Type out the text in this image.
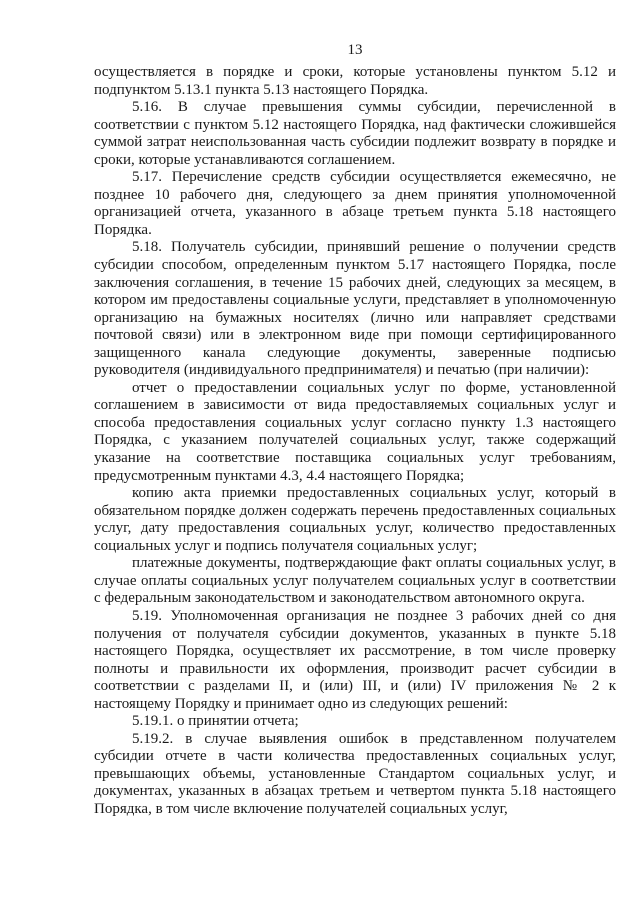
13

осуществляется в порядке и сроки, которые установлены пунктом 5.12 и подпунктом 5.13.1 пункта 5.13 настоящего Порядка.

5.16. В случае превышения суммы субсидии, перечисленной в соответствии с пунктом 5.12 настоящего Порядка, над фактически сложившейся суммой затрат неиспользованная часть субсидии подлежит возврату в порядке и сроки, которые устанавливаются соглашением.

5.17. Перечисление средств субсидии осуществляется ежемесячно, не позднее 10 рабочего дня, следующего за днем принятия уполномоченной организацией отчета, указанного в абзаце третьем пункта 5.18 настоящего Порядка.

5.18. Получатель субсидии, принявший решение о получении средств субсидии способом, определенным пунктом 5.17 настоящего Порядка, после заключения соглашения, в течение 15 рабочих дней, следующих за месяцем, в котором им предоставлены социальные услуги, представляет в уполномоченную организацию на бумажных носителях (лично или направляет средствами почтовой связи) или в электронном виде при помощи сертифицированного защищенного канала следующие документы, заверенные подписью руководителя (индивидуального предпринимателя) и печатью (при наличии):

отчет о предоставлении социальных услуг по форме, установленной соглашением в зависимости от вида предоставляемых социальных услуг и способа предоставления социальных услуг согласно пункту 1.3 настоящего Порядка, с указанием получателей социальных услуг, также содержащий указание на соответствие поставщика социальных услуг требованиям, предусмотренным пунктами 4.3, 4.4 настоящего Порядка;

копию акта приемки предоставленных социальных услуг, который в обязательном порядке должен содержать перечень предоставленных социальных услуг, дату предоставления социальных услуг, количество предоставленных социальных услуг и подпись получателя социальных услуг;

платежные документы, подтверждающие факт оплаты социальных услуг, в случае оплаты социальных услуг получателем социальных услуг в соответствии с федеральным законодательством и законодательством автономного округа.

5.19. Уполномоченная организация не позднее 3 рабочих дней со дня получения от получателя субсидии документов, указанных в пункте 5.18 настоящего Порядка, осуществляет их рассмотрение, в том числе проверку полноты и правильности их оформления, производит расчет субсидии в соответствии с разделами II, и (или) III, и (или) IV приложения № 2 к настоящему Порядку и принимает одно из следующих решений:

5.19.1. о принятии отчета;

5.19.2. в случае выявления ошибок в представленном получателем субсидии отчете в части количества предоставленных социальных услуг, превышающих объемы, установленные Стандартом социальных услуг, и документах, указанных в абзацах третьем и четвертом пункта 5.18 настоящего Порядка, в том числе включение получателей социальных услуг,
